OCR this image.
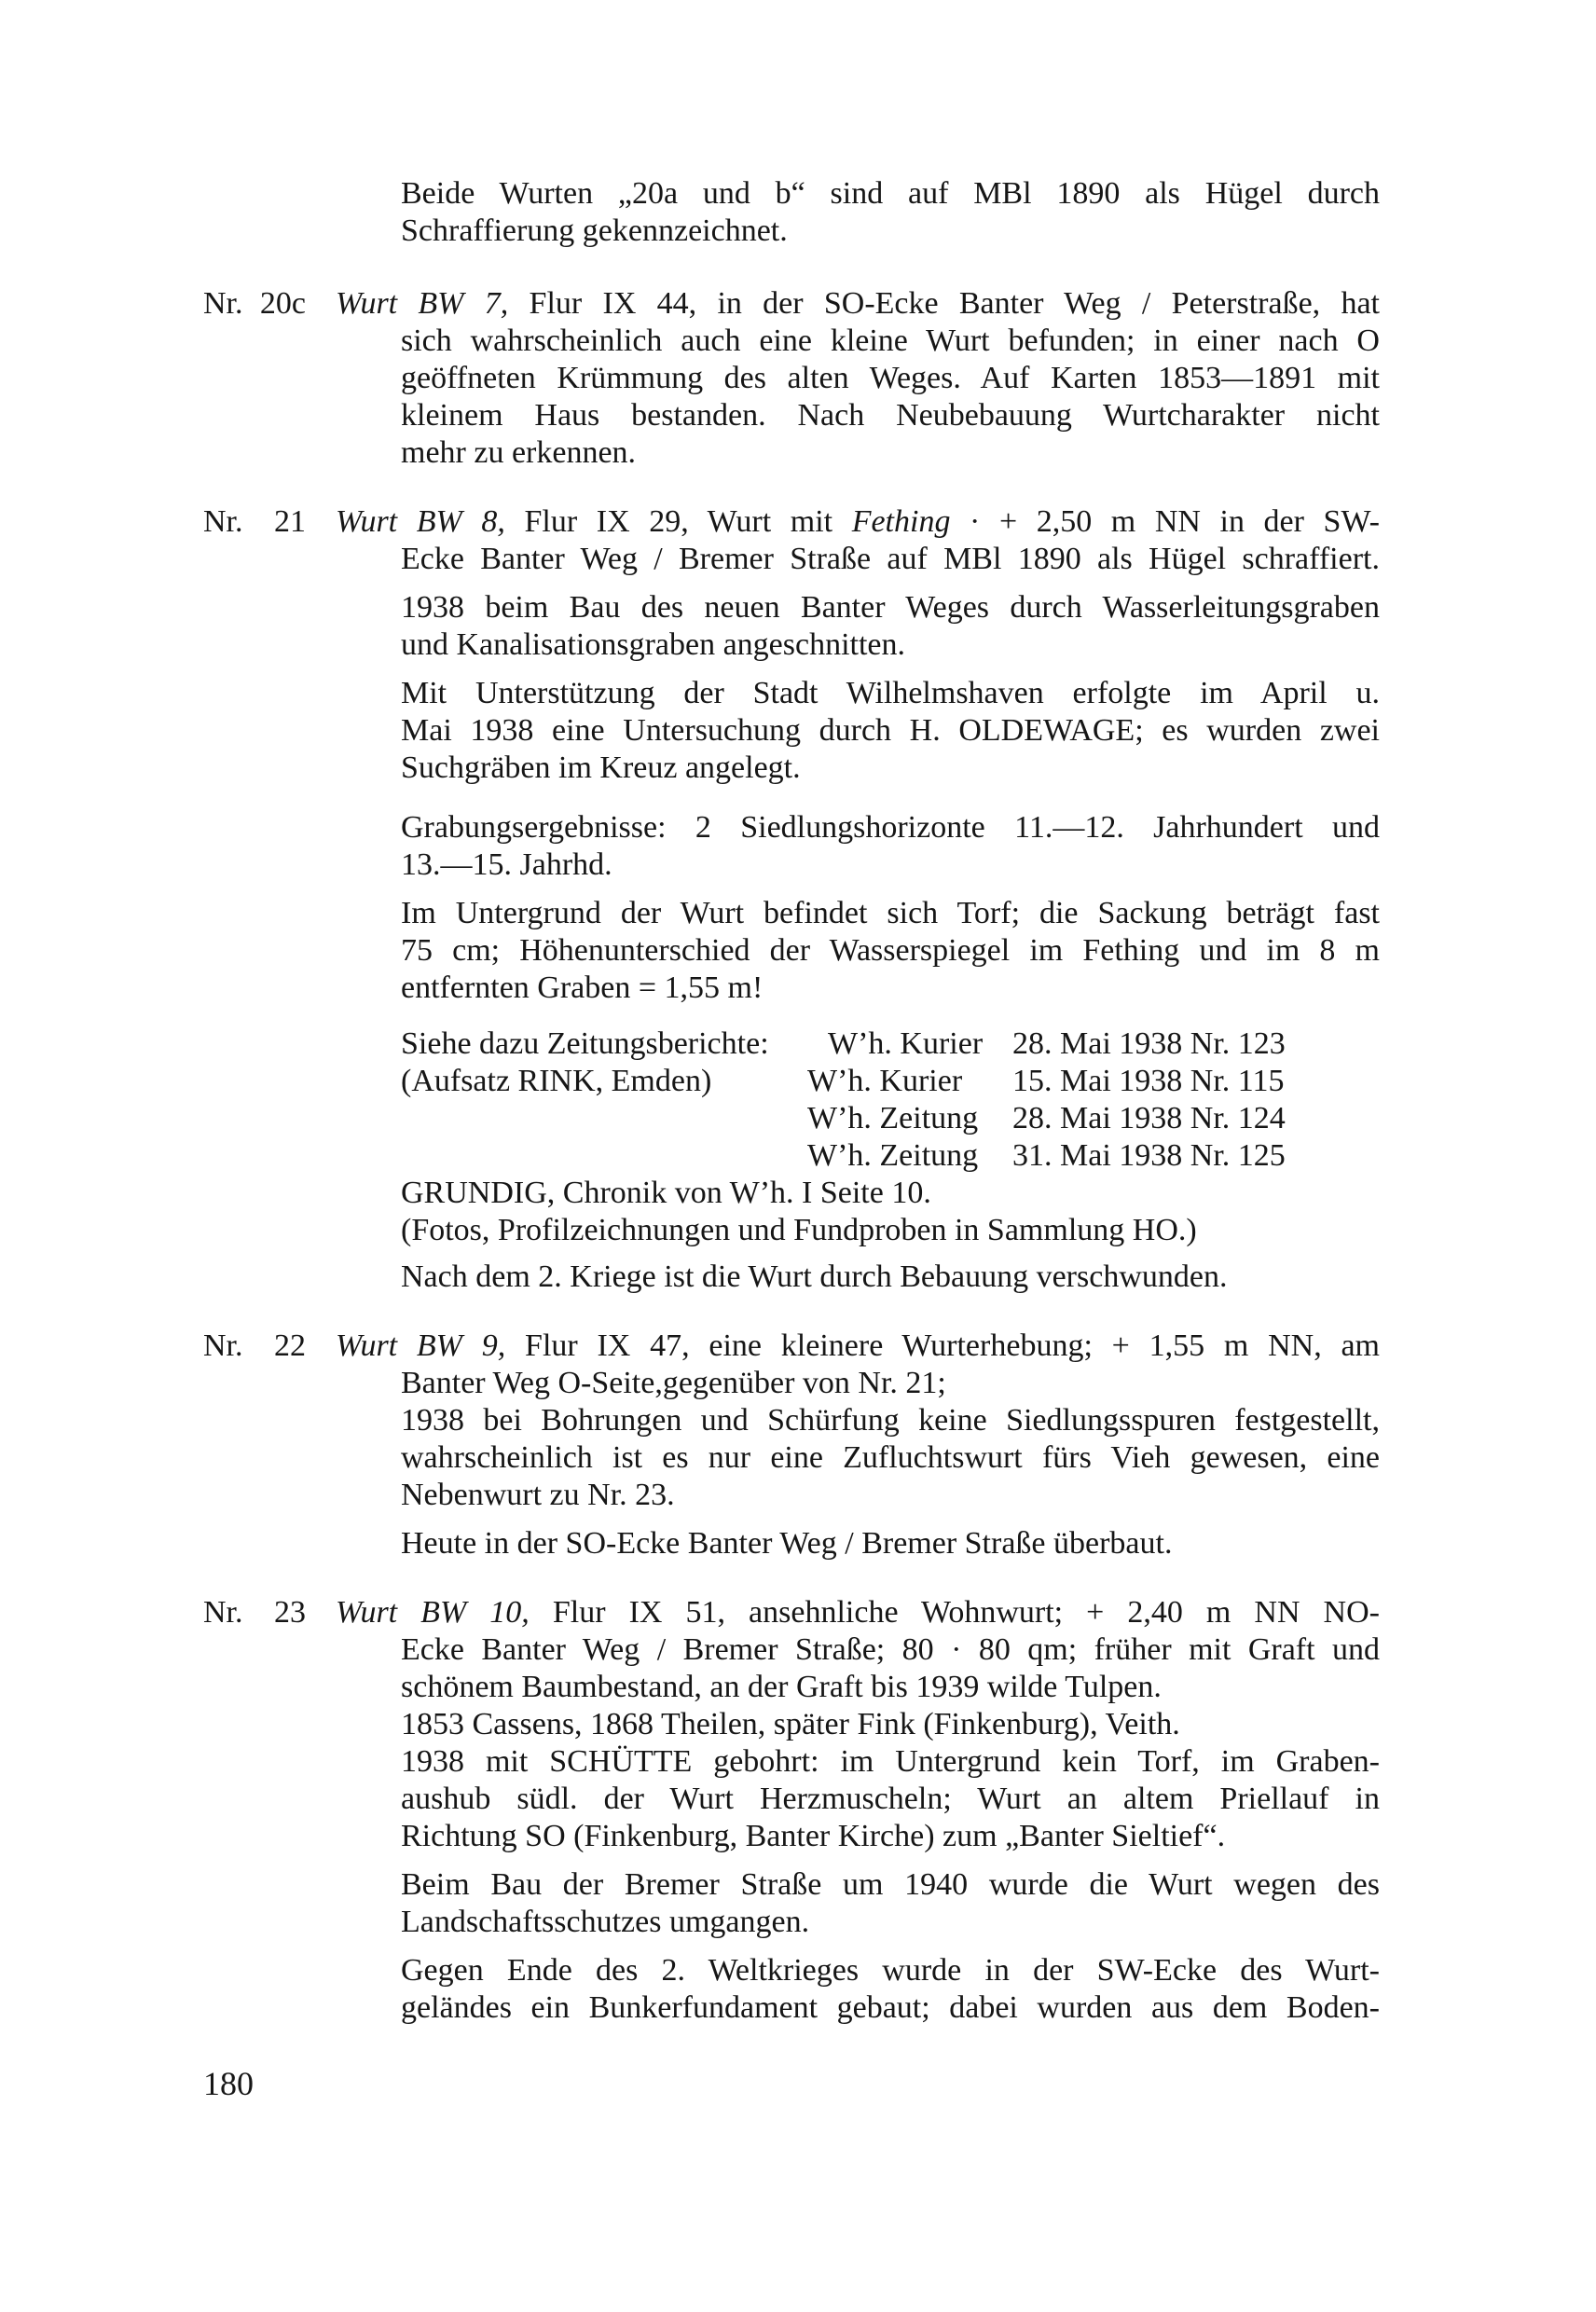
Beide Wurten „20a und b“ sind auf MBl 1890 als Hügel durch
Schraffierung gekennzeichnet.
Nr. 20c Wurt BW 7, Flur IX 44, in der SO-Ecke Banter Weg / Peterstraße, hat
sich wahrscheinlich auch eine kleine Wurt befunden; in einer nach O
geöffneten Krümmung des alten Weges. Auf Karten 1853—1891 mit
kleinem Haus bestanden. Nach Neubebauung Wurtcharakter nicht
mehr zu erkennen.
Nr. 21 Wurt BW 8, Flur IX 29, Wurt mit Fething · + 2,50 m NN in der SW-
Ecke Banter Weg / Bremer Straße auf MBl 1890 als Hügel schraffiert.
1938 beim Bau des neuen Banter Weges durch Wasserleitungsgraben
und Kanalisationsgraben angeschnitten.
Mit Unterstützung der Stadt Wilhelmshaven erfolgte im April u.
Mai 1938 eine Untersuchung durch H. OLDEWAGE; es wurden zwei
Suchgräben im Kreuz angelegt.
Grabungsergebnisse: 2 Siedlungshorizonte 11.—12. Jahrhundert und
13.—15. Jahrhd.
Im Untergrund der Wurt befindet sich Torf; die Sackung beträgt fast
75 cm; Höhenunterschied der Wasserspiegel im Fething und im 8 m
entfernten Graben = 1,55 m!
Siehe dazu Zeitungsberichte:
(Aufsatz RINK, Emden)
W’h. Kurier
W’h. Kurier
W’h. Zeitung
W’h. Zeitung
28. Mai 1938 Nr. 123
15. Mai 1938 Nr. 115
28. Mai 1938 Nr. 124
31. Mai 1938 Nr. 125
GRUNDIG, Chronik von W’h. I Seite 10.
(Fotos, Profilzeichnungen und Fundproben in Sammlung HO.)
Nach dem 2. Kriege ist die Wurt durch Bebauung verschwunden.
Nr. 22 Wurt BW 9, Flur IX 47, eine kleinere Wurterhebung; + 1,55 m NN, am
Banter Weg O-Seite,gegenüber von Nr. 21;
1938 bei Bohrungen und Schürfung keine Siedlungsspuren festgestellt,
wahrscheinlich ist es nur eine Zufluchtswurt fürs Vieh gewesen, eine
Nebenwurt zu Nr. 23.
Heute in der SO-Ecke Banter Weg / Bremer Straße überbaut.
Nr. 23 Wurt BW 10, Flur IX 51, ansehnliche Wohnwurt; + 2,40 m NN NO-
Ecke Banter Weg / Bremer Straße; 80 · 80 qm; früher mit Graft und
schönem Baumbestand, an der Graft bis 1939 wilde Tulpen.
1853 Cassens, 1868 Theilen, später Fink (Finkenburg), Veith.
1938 mit SCHÜTTE gebohrt: im Untergrund kein Torf, im Graben-
aushub südl. der Wurt Herzmuscheln; Wurt an altem Priellauf in
Richtung SO (Finkenburg, Banter Kirche) zum „Banter Sieltief“.
Beim Bau der Bremer Straße um 1940 wurde die Wurt wegen des
Landschaftsschutzes umgangen.
Gegen Ende des 2. Weltkrieges wurde in der SW-Ecke des Wurt-
geländes ein Bunkerfundament gebaut; dabei wurden aus dem Boden-
180
